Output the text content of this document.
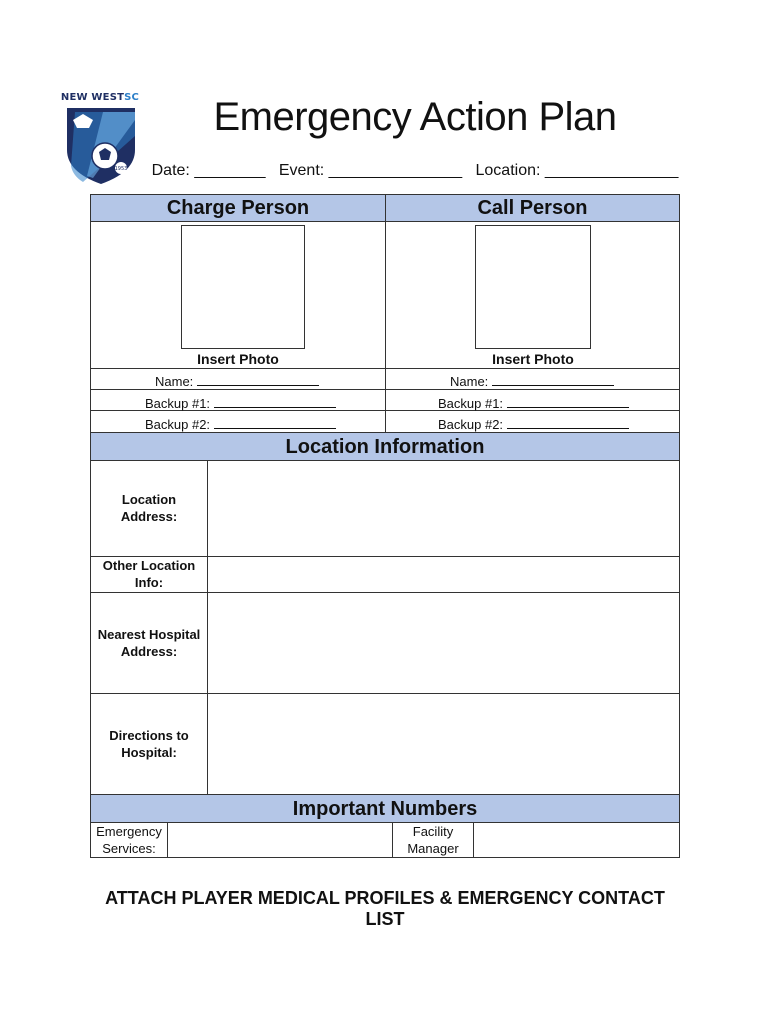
NEW WESTSC
1953
Emergency Action Plan
Date: ________ Event: _______________ Location: _______________
Charge Person	Call Person
Insert Photo	Insert Photo
Name:
Backup #1:
Backup #2:
Name:
Backup #1:
Backup #2:
Location Information
Location
Address:
Other Location
Info:
Nearest Hospital
Address:
Directions to
Hospital:
Important Numbers
Emergency
Services:
Facility
Manager
ATTACH PLAYER MEDICAL PROFILES & EMERGENCY CONTACT LIST
